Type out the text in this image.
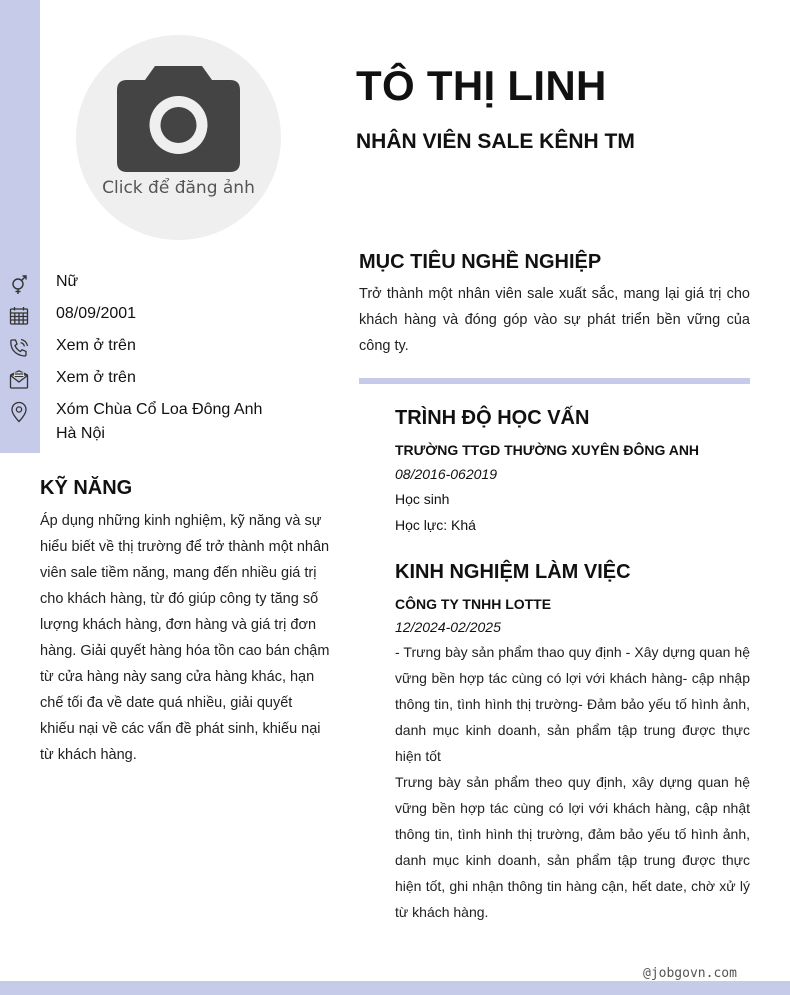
Click để đăng ảnh
TÔ THỊ LINH
NHÂN VIÊN SALE KÊNH TM
Nữ
08/09/2001
Xem ở trên
Xem ở trên
Xóm Chùa Cổ Loa Đông Anh
Hà Nội
KỸ NĂNG
Áp dụng những kinh nghiệm, kỹ năng và sự
hiểu biết về thị trường để trở thành một nhân
viên sale tiềm năng, mang đến nhiều giá trị
cho khách hàng, từ đó giúp công ty tăng số
lượng khách hàng, đơn hàng và giá trị đơn
hàng. Giải quyết hàng hóa tồn cao bán chậm
từ cửa hàng này sang cửa hàng khác, hạn
chế tối đa về date quá nhiều, giải quyết
khiếu nại về các vấn đề phát sinh, khiếu nại
từ khách hàng.
MỤC TIÊU NGHỀ NGHIỆP
Trở thành một nhân viên sale xuất sắc, mang lại giá trị cho khách hàng và đóng góp vào sự phát triển bền vững của công ty.
TRÌNH ĐỘ HỌC VẤN
TRƯỜNG TTGD THƯỜNG XUYÊN ĐÔNG ANH
08/2016-062019
Học sinh
Học lực: Khá
KINH NGHIỆM LÀM VIỆC
CÔNG TY TNHH LOTTE
12/2024-02/2025
- Trưng bày sản phẩm thao quy định - Xây dựng quan hệ vững bền hợp tác cùng có lợi với khách hàng- cập nhập thông tin, tình hình thị trường- Đảm bảo yếu tố hình ảnh, danh mục kinh doanh, sản phẩm tập trung được thực hiện tốt
Trưng bày sản phẩm theo quy định, xây dựng quan hệ vững bền hợp tác cùng có lợi với khách hàng, cập nhật thông tin, tình hình thị trường, đảm bảo yếu tố hình ảnh, danh mục kinh doanh, sản phẩm tập trung được thực hiện tốt, ghi nhận thông tin hàng cận, hết date, chờ xử lý từ khách hàng.
@jobgovn.com
